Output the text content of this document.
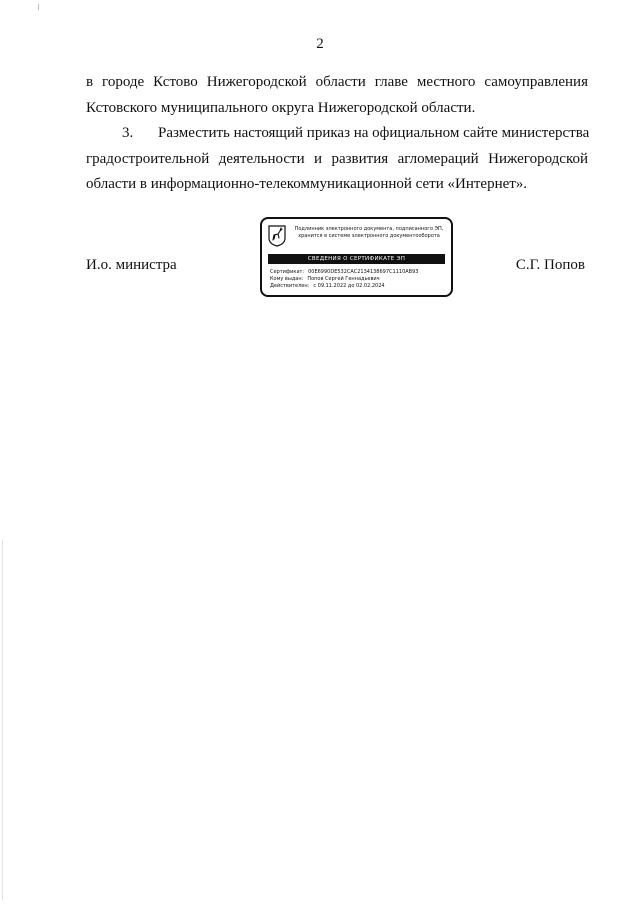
2
в городе Кстово Нижегородской области главе местного самоуправления
Кстовского муниципального округа Нижегородской области.
3. Разместить настоящий приказ на официальном сайте министерства
градостроительной деятельности и развития агломераций Нижегородской
области в информационно-телекоммуникационной сети «Интернет».
И.о. министра	С.Г. Попов
Подлинник электронного документа, подписанного ЭП,
хранится в системе электронного документооборота
СВЕДЕНИЯ О СЕРТИФИКАТЕ ЭП
Сертификат: 00E6990DE532CAC2134138697C1110AB93
Кому выдан: Попов Сергей Геннадьевич
Действителен: с 09.11.2022 до 02.02.2024
